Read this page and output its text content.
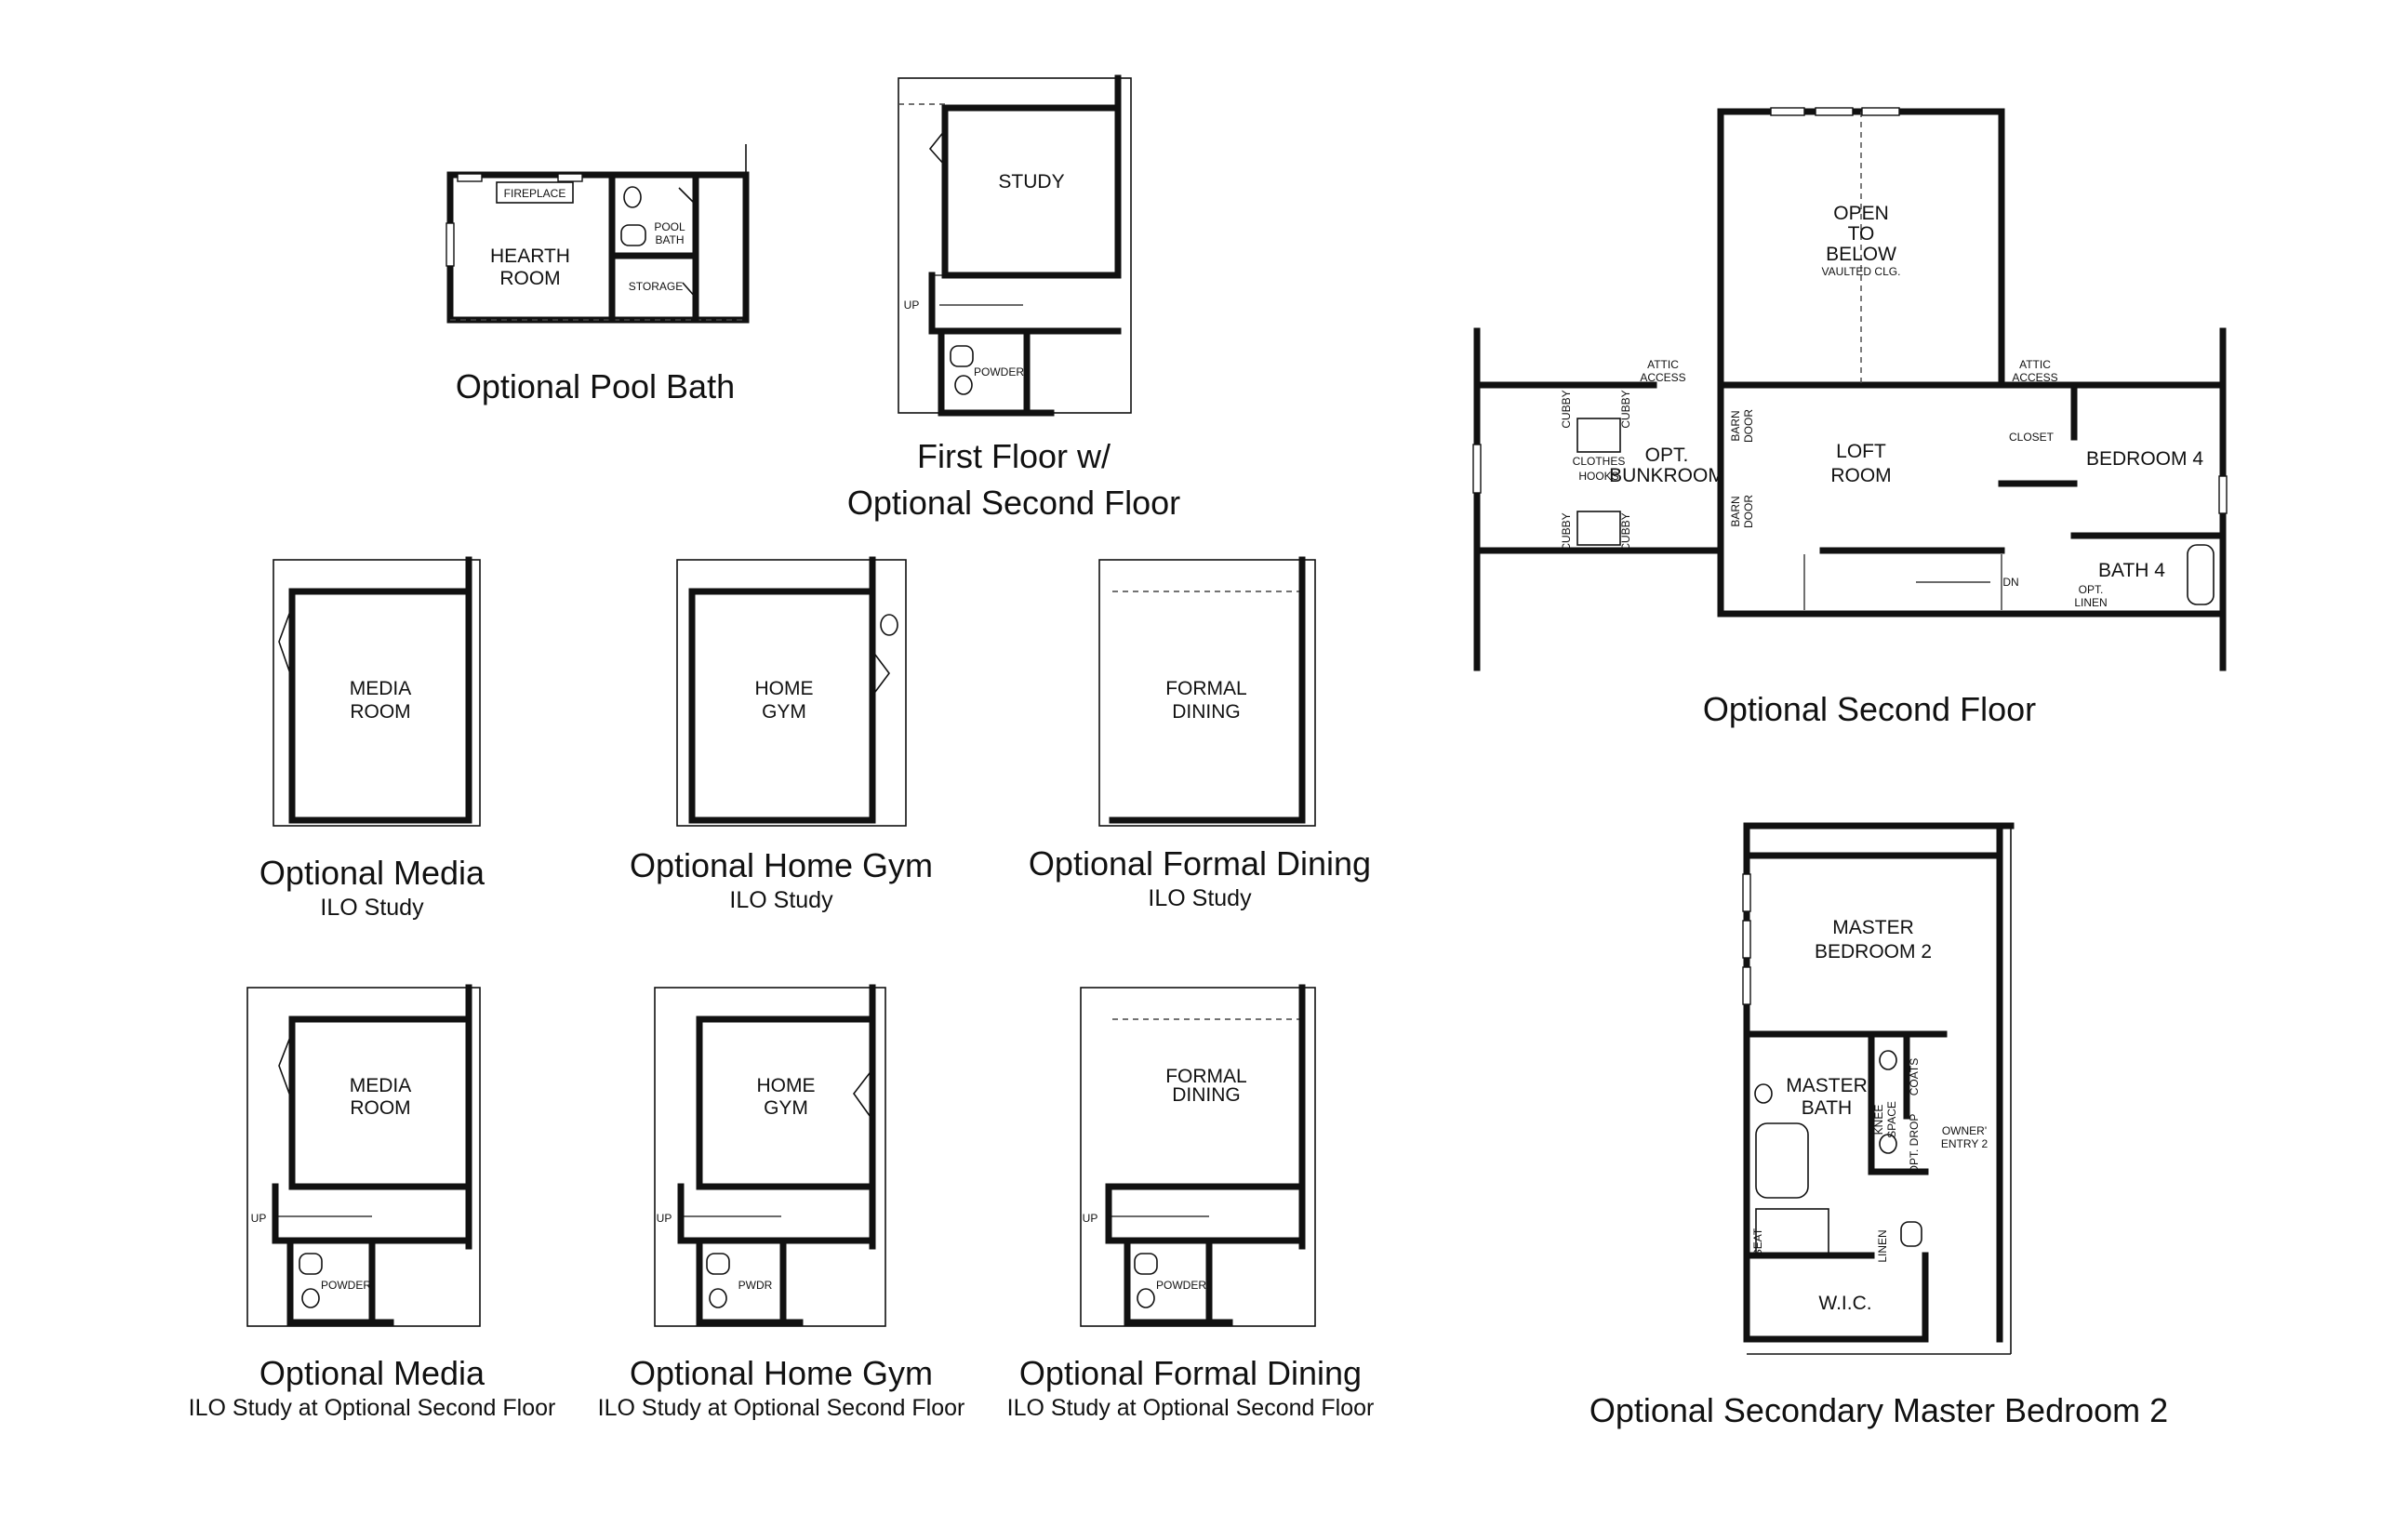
FIREPLACE
HEARTH
ROOM
POOL
BATH
STORAGE
STUDY
UP
POWDER
OPEN
TO
BELOW
VAULTED CLG.
ATTIC
ACCESS
CUBBY	CUBBY
CUBBY	CUBBY
CLOTHES
HOOKS
OPT.
BUNKROOM
BARN DOOR
BARN DOOR
LOFT
ROOM
DN
CLOSET
BEDROOM 4
ATTIC
ACCESS
BATH 4
OPT.
LINEN
MEDIA
ROOM
HOME
GYM
FORMAL
DINING
MEDIA
ROOM
UP
POWDER
HOME
GYM
UP
PWDR
FORMAL
DINING
UP
POWDER
MASTER
BEDROOM 2
MASTER
BATH
SEAT
KNEE SPACE
COATS
OPT. DROP OWNER'
ENTRY 2
LINEN
W.I.C.
Optional Pool Bath
First Floor w/
Optional Second Floor
Optional Second Floor
Optional Media
ILO Study
Optional Home Gym
ILO Study
Optional Formal Dining
ILO Study
Optional Media
ILO Study at Optional Second Floor
Optional Home Gym
ILO Study at Optional Second Floor
Optional Formal Dining
ILO Study at Optional Second Floor	Optional Secondary Master Bedroom 2
